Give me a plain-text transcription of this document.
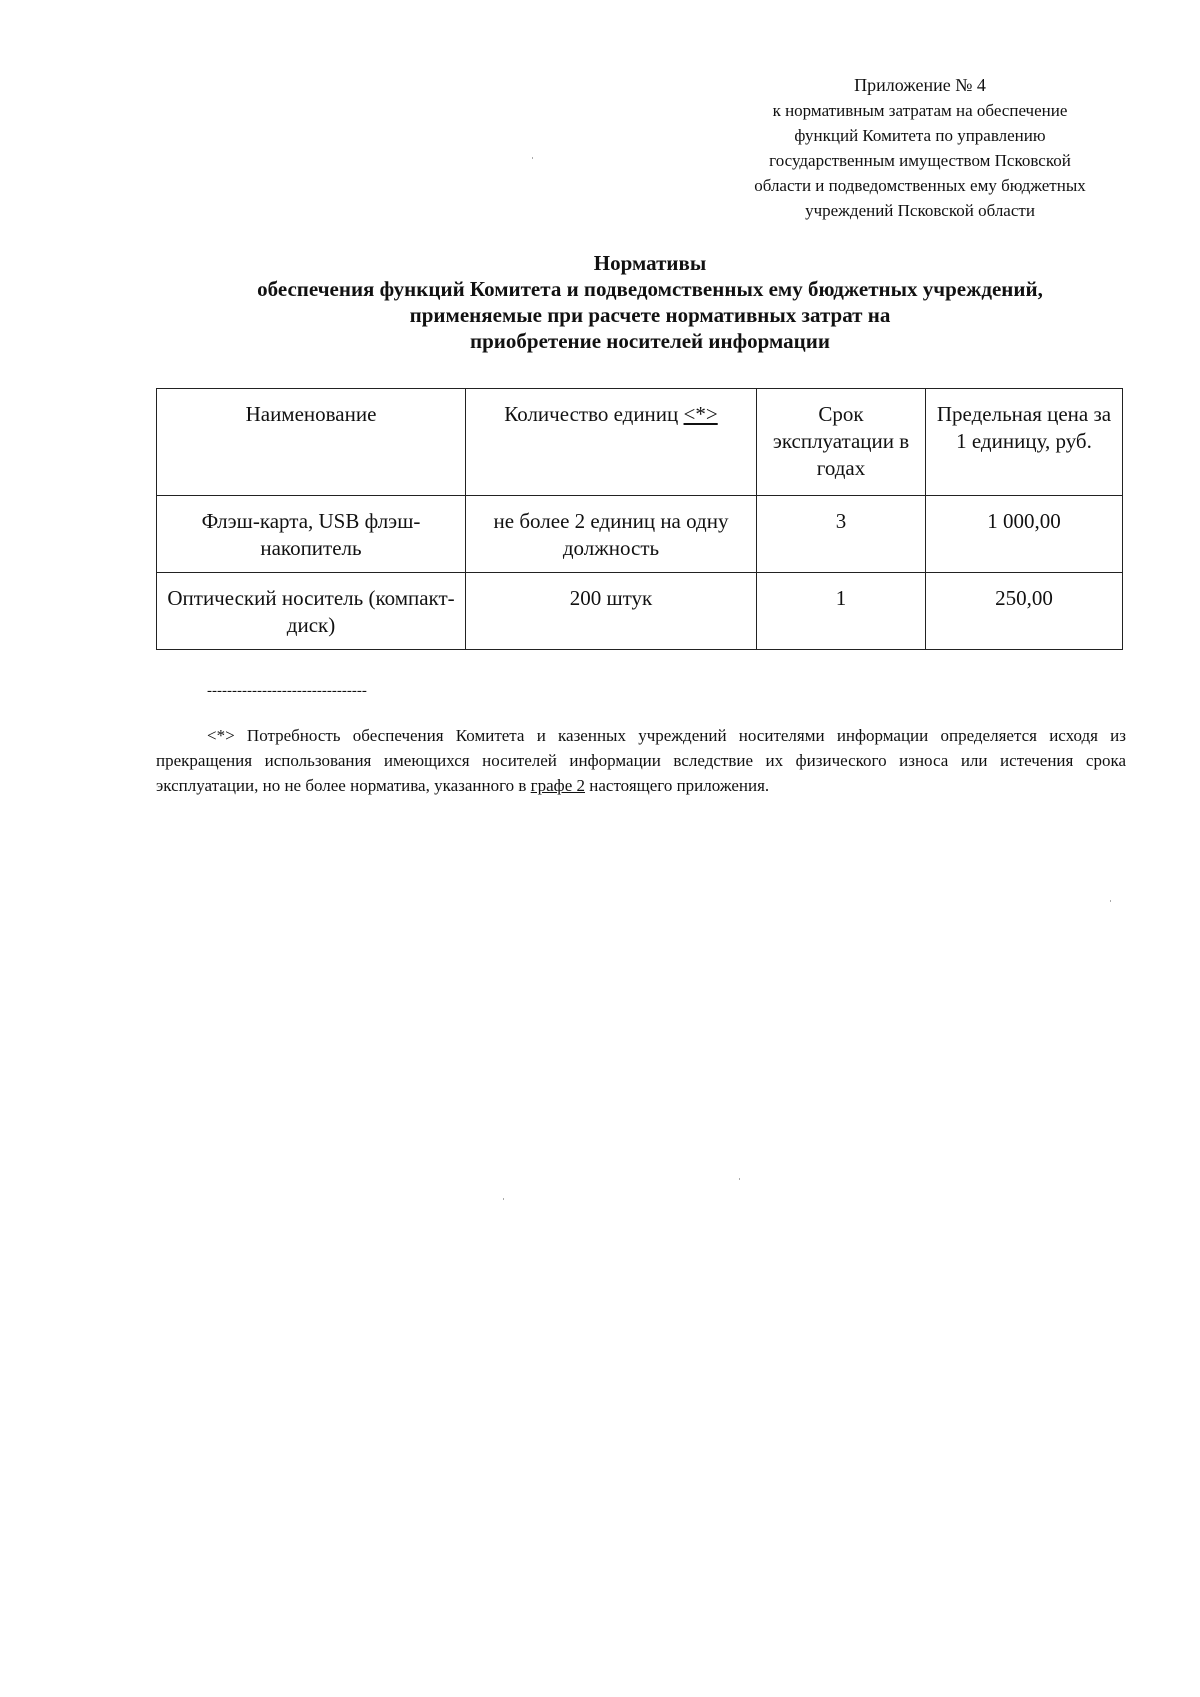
Приложение № 4
к нормативным затратам на обеспечение
функций Комитета по управлению
государственным имуществом Псковской
области и подведомственных ему бюджетных
учреждений Псковской области
Нормативы
обеспечения функций Комитета и подведомственных ему бюджетных учреждений,
применяемые при расчете нормативных затрат на
приобретение носителей информации
Наименование	Количество единиц <*>	Срок эксплуатации в годах	Предельная цена за 1 единицу, руб.
Флэш-карта, USB флэш-накопитель	не более 2 единиц на одну должность	3	1 000,00
Оптический носитель (компакт-диск)	200 штук	1	250,00
--------------------------------
<*> Потребность обеспечения Комитета и казенных учреждений носителями информации определяется исходя из прекращения использования имеющихся носителей информации вследствие их физического износа или истечения срока эксплуатации, но не более норматива, указанного в графе 2 настоящего приложения.
